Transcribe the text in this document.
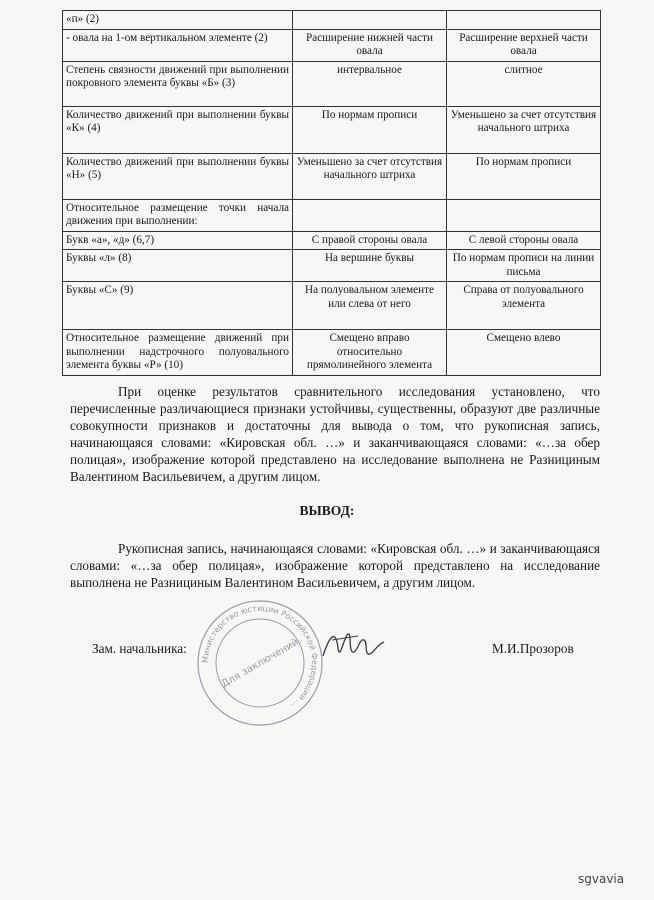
«п» (2)		
- овала на 1-ом вертикальном элементе (2)	Расширение нижней части овала	Расширение верхней части овала
Степень связности движений при выполнении покровного элемента буквы «Б» (3)	интервальное	слитное
Количество движений при выполнении буквы «К» (4)	По нормам прописи	Уменьшено за счет отсутствия начального штриха
Количество движений при выполнении буквы «Н» (5)	Уменьшено за счет отсутствия начального штриха	По нормам прописи
Относительное размещение точки начала движения при выполнении:		
Букв «а», «д» (6,7)	С правой стороны овала	С левой стороны овала
Буквы «л» (8)	На вершине буквы	По нормам прописи на линии письма
Буквы «С» (9)	На полуовальном элементе или слева от него	Справа от полуовального элемента
Относительное размещение движений при выполнении надстрочного полуовального элемента буквы «Р» (10)	Смещено вправо относительно прямолинейного элемента	Смещено влево
При оценке результатов сравнительного исследования установлено, что перечисленные различающиеся признаки устойчивы, существенны, образуют две различные совокупности признаков и достаточны для вывода о том, что рукописная запись, начинающаяся словами: «Кировская обл. …» и заканчивающаяся словами: «…за обер полицая», изображение которой представлено на исследование выполнена не Разнициным Валентином Васильевичем, а другим лицом.
ВЫВОД:
Рукописная запись, начинающаяся словами: «Кировская обл. …» и заканчивающаяся словами: «…за обер полицая», изображение которой представлено на исследование выполнена не Разнициным Валентином Васильевичем, а другим лицом.
Зам. начальника:
Министерство юстиции Российской Федерации ...
Для заключений	М.И.Прозоров
sgvavia
